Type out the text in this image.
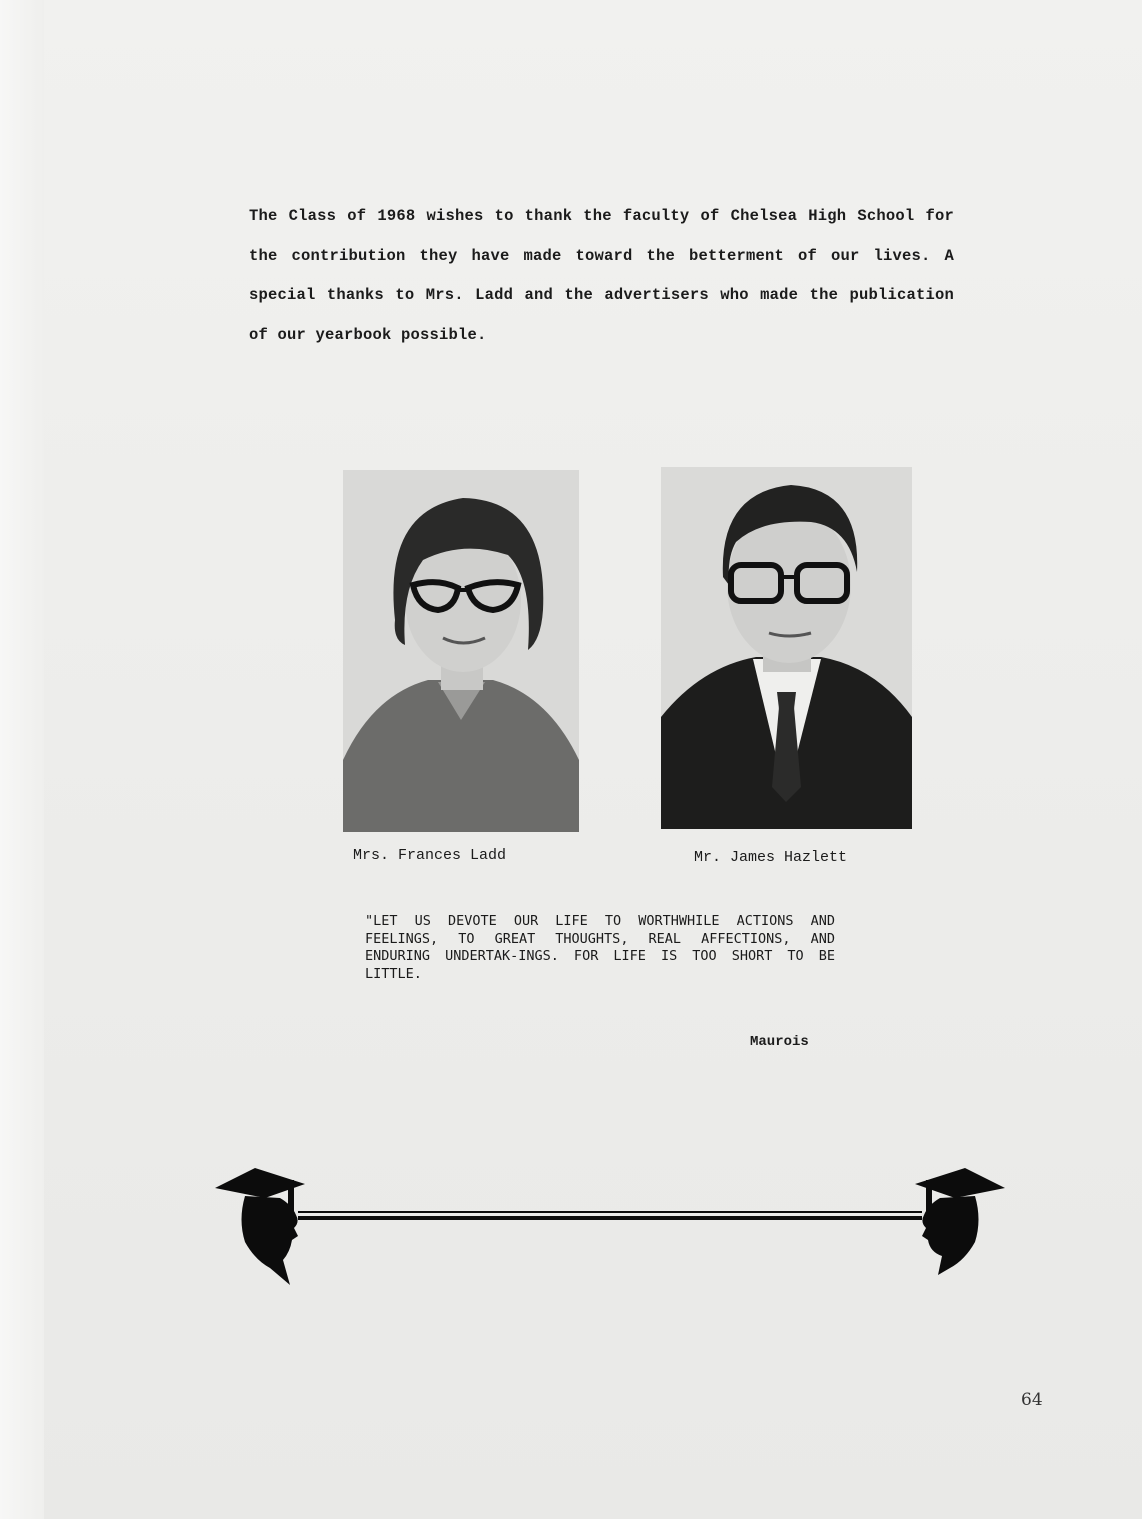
The Class of 1968 wishes to thank the faculty of Chelsea High School for the contribution they have made toward the betterment of our lives. A special thanks to Mrs. Ladd and the advertisers who made the publication of our yearbook possible.

Mrs. Frances Ladd	Mr. James Hazlett

"LET US DEVOTE OUR LIFE TO WORTHWHILE ACTIONS AND FEELINGS, TO GREAT THOUGHTS, REAL AFFECTIONS, AND ENDURING UNDERTAK-INGS. FOR LIFE IS TOO SHORT TO BE LITTLE.

Maurois

64
